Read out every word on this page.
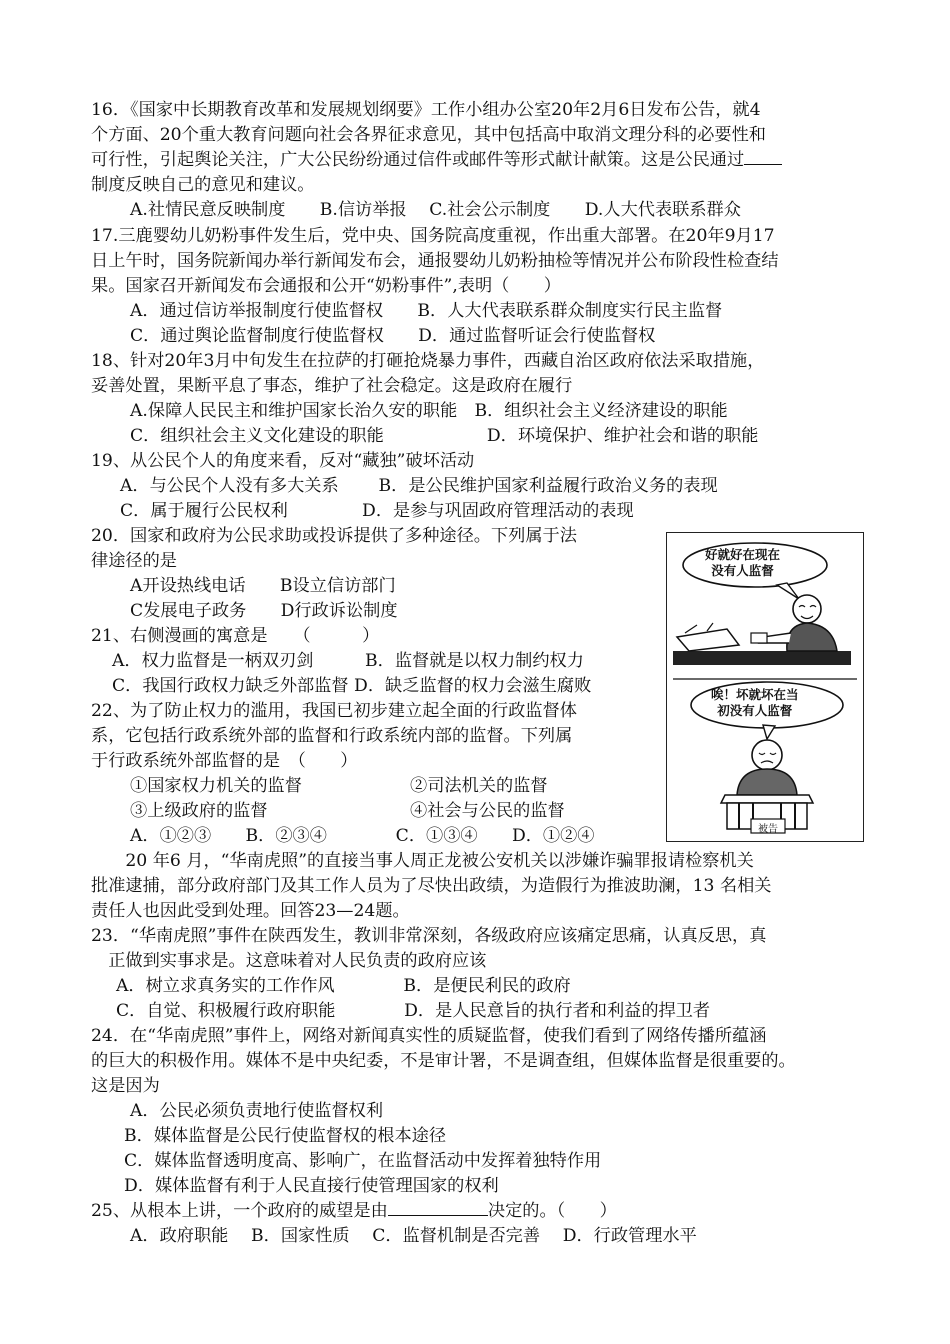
16．《国家中长期教育改革和发展规划纲要》工作小组办公室20年2月6日发布公告，就4
个方面、20个重大教育问题向社会各界征求意见，其中包括高中取消文理分科的必要性和
可行性，引起舆论关注，广大公民纷纷通过信件或邮件等形式献计献策。这是公民通过
制度反映自己的意见和建议。
A.社情民意反映制度　　B.信访举报　 C.社会公示制度　　D.人大代表联系群众
17.三鹿婴幼儿奶粉事件发生后，党中央、国务院高度重视，作出重大部署。在20年9月17
日上午时，国务院新闻办举行新闻发布会，通报婴幼儿奶粉抽检等情况并公布阶段性检查结
果。国家召开新闻发布会通报和公开“奶粉事件”,表明（　　）
A．通过信访举报制度行使监督权　　B．人大代表联系群众制度实行民主监督
C．通过舆论监督制度行使监督权　　D．通过监督听证会行使监督权
18、针对20年3月中旬发生在拉萨的打砸抢烧暴力事件，西藏自治区政府依法采取措施，
妥善处置，果断平息了事态，维护了社会稳定。这是政府在履行
A.保障人民民主和维护国家长治久安的职能　B．组织社会主义经济建设的职能
C．组织社会主义文化建设的职能　　　　　　D．环境保护、维护社会和谐的职能
19、从公民个人的角度来看，反对“藏独”破坏活动
A．与公民个人没有多大关系　　 B．是公民维护国家利益履行政治义务的表现
C．属于履行公民权利　　　　 D．是参与巩固政府管理活动的表现
20．国家和政府为公民求助或投诉提供了多种途径。下列属于法
律途径的是
A开设热线电话　　B设立信访部门
C发展电子政务　　D行政诉讼制度
21、右侧漫画的寓意是　　（　　　）
A．权力监督是一柄双刃剑　　　B．监督就是以权力制约权力
C．我国行政权力缺乏外部监督 D．缺乏监督的权力会滋生腐败
22、为了防止权力的滥用，我国已初步建立起全面的行政监督体
系，它包括行政系统外部的监督和行政系统内部的监督。下列属
于行政系统外部监督的是　（　　）
①国家权力机关的监督	②司法机关的监督
③上级政府的监督	④社会与公民的监督
A．①②③　　B．②③④　　　　C．①③④　　D．①②④
　　20 年6 月，“华南虎照”的直接当事人周正龙被公安机关以涉嫌诈骗罪报请检察机关
批准逮捕，部分政府部门及其工作人员为了尽快出政绩，为造假行为推波助澜，13 名相关
责任人也因此受到处理。回答23—24题。
23．“华南虎照”事件在陕西发生，教训非常深刻，各级政府应该痛定思痛，认真反思，真
　正做到实事求是。这意味着对人民负责的政府应该
A．树立求真务实的工作作风　　　　B．是便民利民的政府
C．自觉、积极履行政府职能　　　　D．是人民意旨的执行者和利益的捍卫者
24．在“华南虎照”事件上，网络对新闻真实性的质疑监督，使我们看到了网络传播所蕴涵
的巨大的积极作用。媒体不是中央纪委，不是审计署，不是调查组，但媒体监督是很重要的。
这是因为
A．公民必须负责地行使监督权利
B．媒体监督是公民行使监督权的根本途径
C．媒体监督透明度高、影响广，在监督活动中发挥着独特作用
D．媒体监督有利于人民直接行使管理国家的权利
25、从根本上讲，一个政府的威望是由	决定的。（　　）
A．政府职能　 B．国家性质　 C．监督机制是否完善　 D．行政管理水平
好就好在现在
没有人监督
唉！坏就坏在当
初没有人监督
被告
